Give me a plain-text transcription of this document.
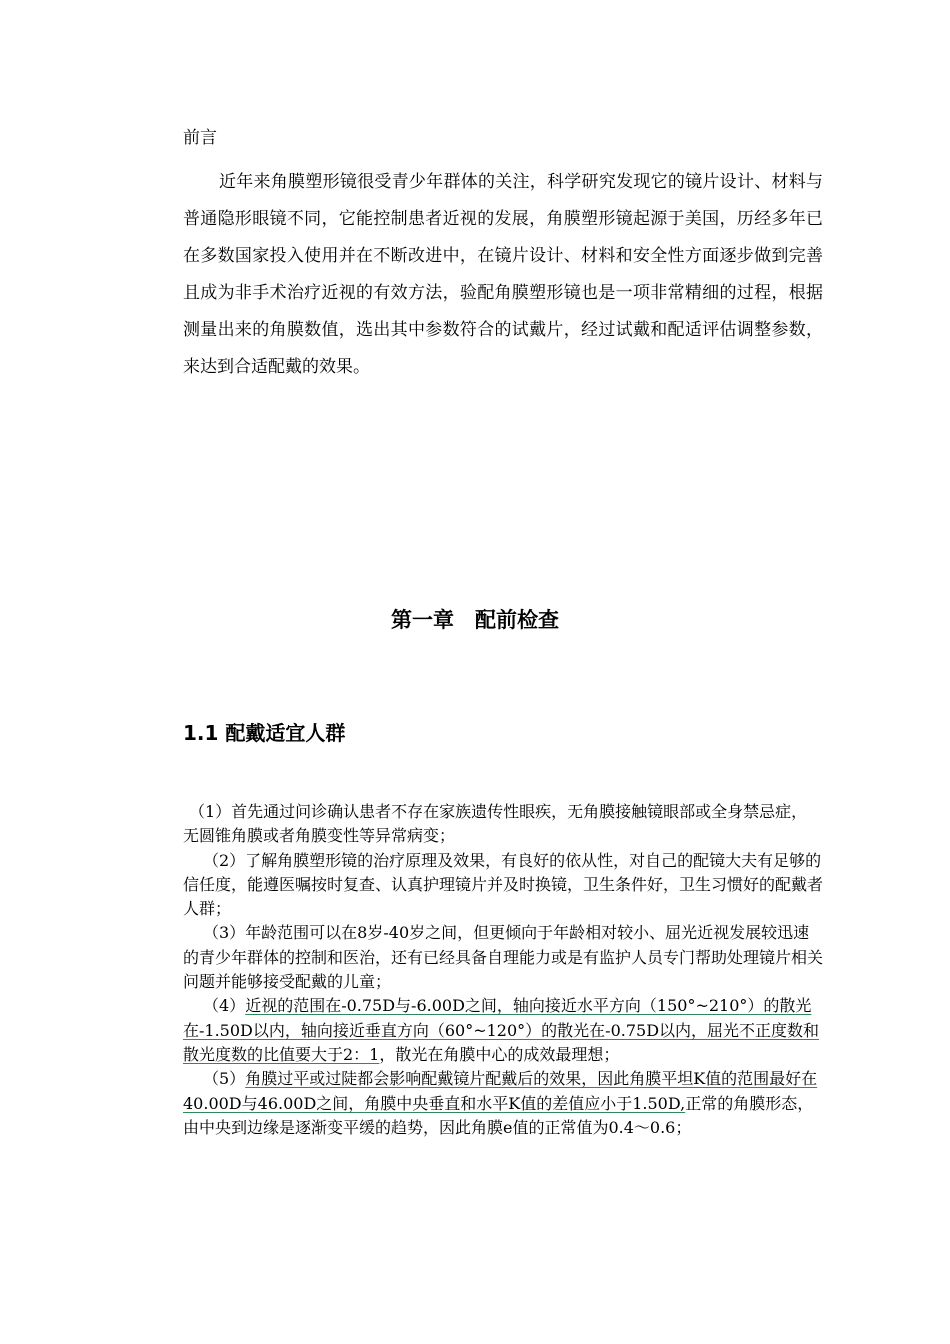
前言

近年来角膜塑形镜很受青少年群体的关注，科学研究发现它的镜片设计、材料与普通隐形眼镜不同，它能控制患者近视的发展，角膜塑形镜起源于美国，历经多年已在多数国家投入使用并在不断改进中，在镜片设计、材料和安全性方面逐步做到完善且成为非手术治疗近视的有效方法，验配角膜塑形镜也是一项非常精细的过程，根据测量出来的角膜数值，选出其中参数符合的试戴片，经过试戴和配适评估调整参数，来达到合适配戴的效果。

第一章　配前检查
1.1 配戴适宜人群

（1）首先通过问诊确认患者不存在家族遗传性眼疾，无角膜接触镜眼部或全身禁忌症，无圆锥角膜或者角膜变性等异常病变；

（2）了解角膜塑形镜的治疗原理及效果，有良好的依从性，对自己的配镜大夫有足够的信任度，能遵医嘱按时复查、认真护理镜片并及时换镜，卫生条件好，卫生习惯好的配戴者人群；

（3）年龄范围可以在8岁-40岁之间，但更倾向于年龄相对较小、屈光近视发展较迅速的青少年群体的控制和医治，还有已经具备自理能力或是有监护人员专门帮助处理镜片相关问题并能够接受配戴的儿童；

（4）近视的范围在-0.75D与-6.00D之间，轴向接近水平方向（150°~210°）的散光在-1.50D以内，轴向接近垂直方向（60°~120°）的散光在-0.75D以内，屈光不正度数和散光度数的比值要大于2：1，散光在角膜中心的成效最理想；

（5）角膜过平或过陡都会影响配戴镜片配戴后的效果，因此角膜平坦K值的范围最好在40.00D与46.00D之间，角膜中央垂直和水平K值的差值应小于1.50D,正常的角膜形态，由中央到边缘是逐渐变平缓的趋势，因此角膜e值的正常值为0.4～0.6；
